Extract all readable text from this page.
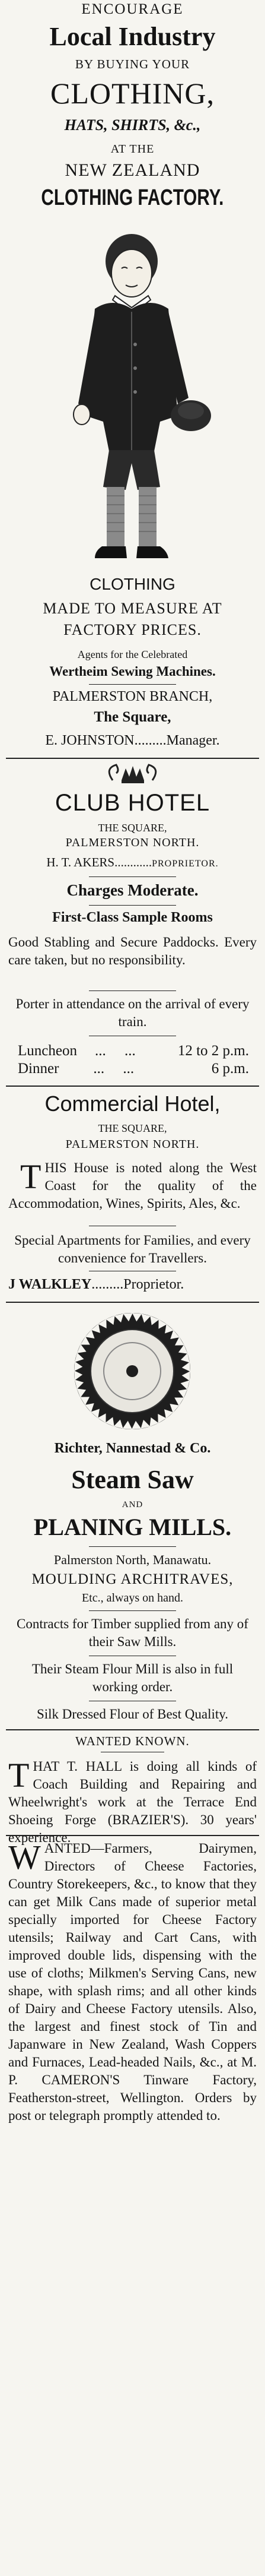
ENCOURAGE
Local Industry
BY BUYING YOUR
CLOTHING,
HATS, SHIRTS, &c.,
AT THE
NEW ZEALAND
CLOTHING FACTORY.
CLOTHING
MADE TO MEASURE AT
FACTORY PRICES.
Agents for the Celebrated
Wertheim Sewing Machines.
PALMERSTON BRANCH,
The Square,
E. JOHNSTON.........Manager.
CLUB HOTEL
THE SQUARE,
PALMERSTON NORTH.
H. T. AKERS............PROPRIETOR.
Charges Moderate.
First-Class Sample Rooms
Good Stabling and Secure Paddocks. Every care taken, but no responsibility.
Porter in attendance on the arrival of every train.
Luncheon ...     ...	12 to 2 p.m.
Dinner ...     ...	6 p.m.
Commercial Hotel,
THE SQUARE,
PALMERSTON NORTH.
T HIS House is noted along the West Coast for the quality of the Accommodation, Wines, Spirits, Ales, &c.
Special Apartments for Families, and every convenience for Travellers.
J WALKLEY.........Proprietor.
Richter, Nannestad & Co.
Steam Saw
AND
PLANING MILLS.
Palmerston North, Manawatu.
MOULDING ARCHITRAVES,
Etc., always on hand.
Contracts for Timber supplied from any of their Saw Mills.
Their Steam Flour Mill is also in full working order.
Silk Dressed Flour of Best Quality.
WANTED KNOWN.
T HAT T. HALL is doing all kinds of Coach Building and Repairing and Wheelwright's work at the Terrace End Shoeing Forge (BRAZIER'S). 30 years' experience.
W ANTED—Farmers, Dairymen, Directors of Cheese Factories, Country Storekeepers, &c., to know that they can get Milk Cans made of superior metal specially imported for Cheese Factory utensils; Railway and Cart Cans, with improved double lids, dispensing with the use of cloths; Milkmen's Serving Cans, new shape, with splash rims; and all other kinds of Dairy and Cheese Factory utensils. Also, the largest and finest stock of Tin and Japanware in New Zealand, Wash Coppers and Furnaces, Lead-headed Nails, &c., at M. P. CAMERON'S Tinware Factory, Featherston-street, Wellington. Orders by post or telegraph promptly attended to.
